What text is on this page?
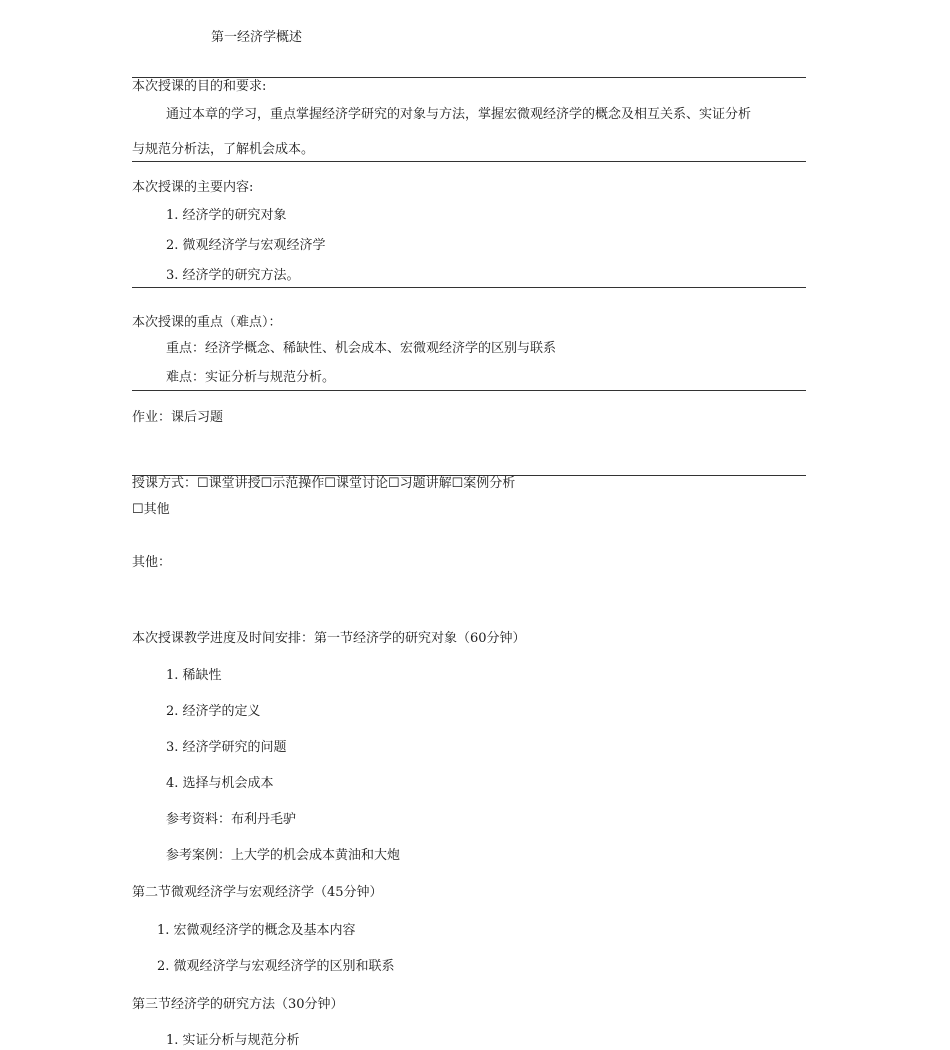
第一经济学概述
本次授课的目的和要求:
通过本章的学习，重点掌握经济学研究的对象与方法，掌握宏微观经济学的概念及相互关系、实证分析
与规范分析法，了解机会成本。
本次授课的主要内容:
1. 经济学的研究对象
2. 微观经济学与宏观经济学
3. 经济学的研究方法。
本次授课的重点（难点）：
重点：经济学概念、稀缺性、机会成本、宏微观经济学的区别与联系
难点：实证分析与规范分析。
作业：课后习题
授课方式：☐课堂讲授☐示范操作☐课堂讨论☐习题讲解☐案例分析
☐其他
其他：
本次授课教学进度及时间安排：第一节经济学的研究对象（60分钟）
1. 稀缺性
2. 经济学的定义
3. 经济学研究的问题
4. 选择与机会成本
参考资料：布利丹毛驴
参考案例：上大学的机会成本黄油和大炮
第二节微观经济学与宏观经济学（45分钟）
1. 宏微观经济学的概念及基本内容
2. 微观经济学与宏观经济学的区别和联系
第三节经济学的研究方法（30分钟）
1. 实证分析与规范分析
